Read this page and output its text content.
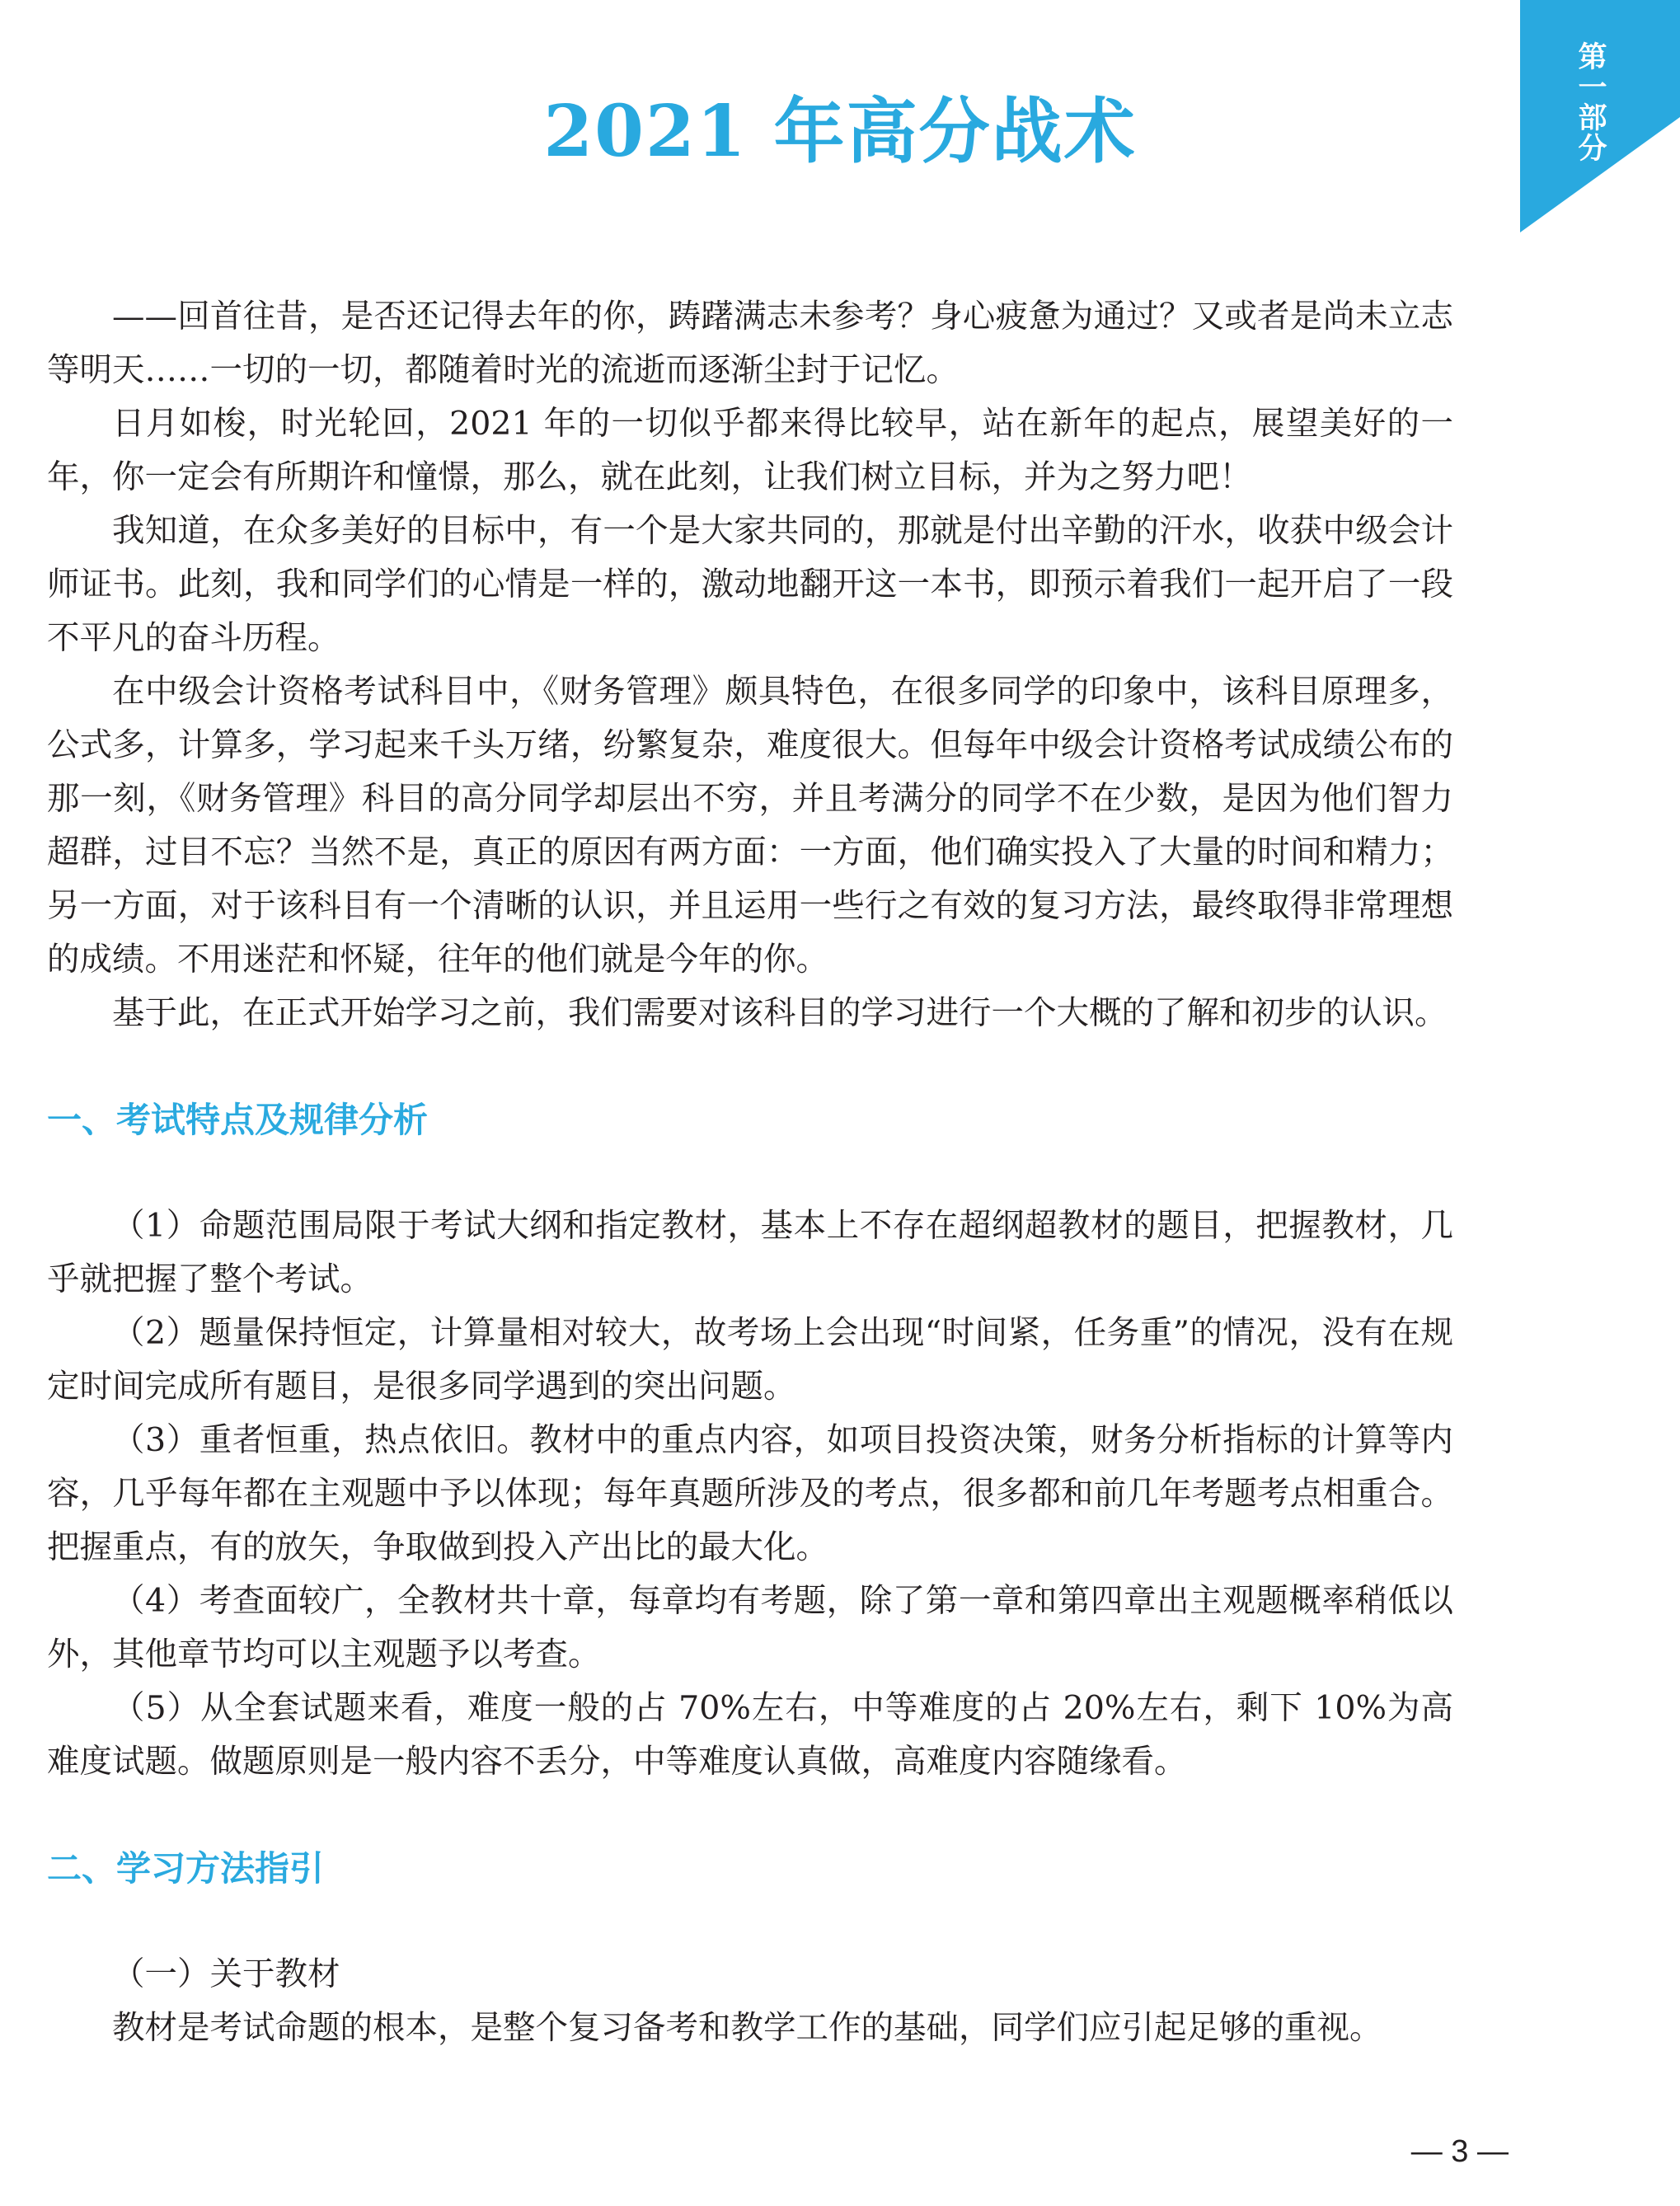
第一部分
2021 年高分战术

——回首往昔，是否还记得去年的你，踌躇满志未参考？身心疲惫为通过？又或者是尚未立志等明天……一切的一切，都随着时光的流逝而逐渐尘封于记忆。

日月如梭，时光轮回，2021 年的一切似乎都来得比较早，站在新年的起点，展望美好的一年，你一定会有所期许和憧憬，那么，就在此刻，让我们树立目标，并为之努力吧！

我知道，在众多美好的目标中，有一个是大家共同的，那就是付出辛勤的汗水，收获中级会计师证书。此刻，我和同学们的心情是一样的，激动地翻开这一本书，即预示着我们一起开启了一段不平凡的奋斗历程。

在中级会计资格考试科目中，《财务管理》颇具特色，在很多同学的印象中，该科目原理多，公式多，计算多，学习起来千头万绪，纷繁复杂，难度很大。但每年中级会计资格考试成绩公布的那一刻，《财务管理》科目的高分同学却层出不穷，并且考满分的同学不在少数，是因为他们智力超群，过目不忘？当然不是，真正的原因有两方面：一方面，他们确实投入了大量的时间和精力；另一方面，对于该科目有一个清晰的认识，并且运用一些行之有效的复习方法，最终取得非常理想的成绩。不用迷茫和怀疑，往年的他们就是今年的你。

基于此，在正式开始学习之前，我们需要对该科目的学习进行一个大概的了解和初步的认识。

一、考试特点及规律分析

（1）命题范围局限于考试大纲和指定教材，基本上不存在超纲超教材的题目，把握教材，几乎就把握了整个考试。

（2）题量保持恒定，计算量相对较大，故考场上会出现“时间紧，任务重”的情况，没有在规定时间完成所有题目，是很多同学遇到的突出问题。

（3）重者恒重，热点依旧。教材中的重点内容，如项目投资决策，财务分析指标的计算等内容，几乎每年都在主观题中予以体现；每年真题所涉及的考点，很多都和前几年考题考点相重合。把握重点，有的放矢，争取做到投入产出比的最大化。

（4）考查面较广，全教材共十章，每章均有考题，除了第一章和第四章出主观题概率稍低以外，其他章节均可以主观题予以考查。

（5）从全套试题来看，难度一般的占 70%左右，中等难度的占 20%左右，剩下 10%为高难度试题。做题原则是一般内容不丢分，中等难度认真做，高难度内容随缘看。

二、学习方法指引

（一）关于教材

教材是考试命题的根本，是整个复习备考和教学工作的基础，同学们应引起足够的重视。

— 3 —
